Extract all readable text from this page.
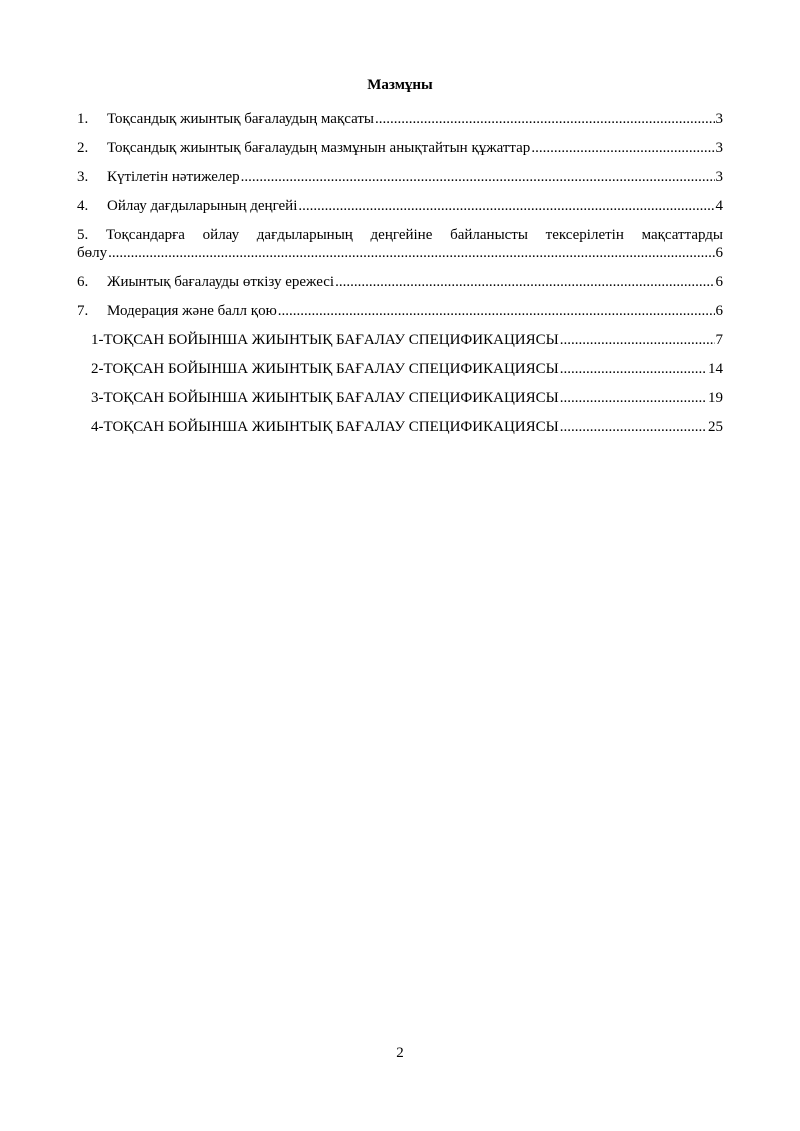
Мазмұны
1.	Тоқсандық жиынтық бағалаудың мақсаты .....	3
2.	Тоқсандық жиынтық бағалаудың мазмұнын анықтайтын құжаттар .....	3
3.	Күтілетін нәтижелер .....	3
4.	Ойлау дағдыларының деңгейі .....	4
5. Тоқсандарға ойлау дағдыларының деңгейіне байланысты тексерілетін мақсаттарды
бөлу .....	6
6.	Жиынтық бағалауды өткізу ережесі .....	6
7.	Модерация және балл қою .....	6
1-ТОҚСАН БОЙЫНША ЖИЫНТЫҚ БАҒАЛАУ СПЕЦИФИКАЦИЯСЫ .....	7
2-ТОҚСАН БОЙЫНША ЖИЫНТЫҚ БАҒАЛАУ СПЕЦИФИКАЦИЯСЫ .....	14
3-ТОҚСАН БОЙЫНША ЖИЫНТЫҚ БАҒАЛАУ СПЕЦИФИКАЦИЯСЫ .....	19
4-ТОҚСАН БОЙЫНША ЖИЫНТЫҚ БАҒАЛАУ СПЕЦИФИКАЦИЯСЫ .....	25
2
